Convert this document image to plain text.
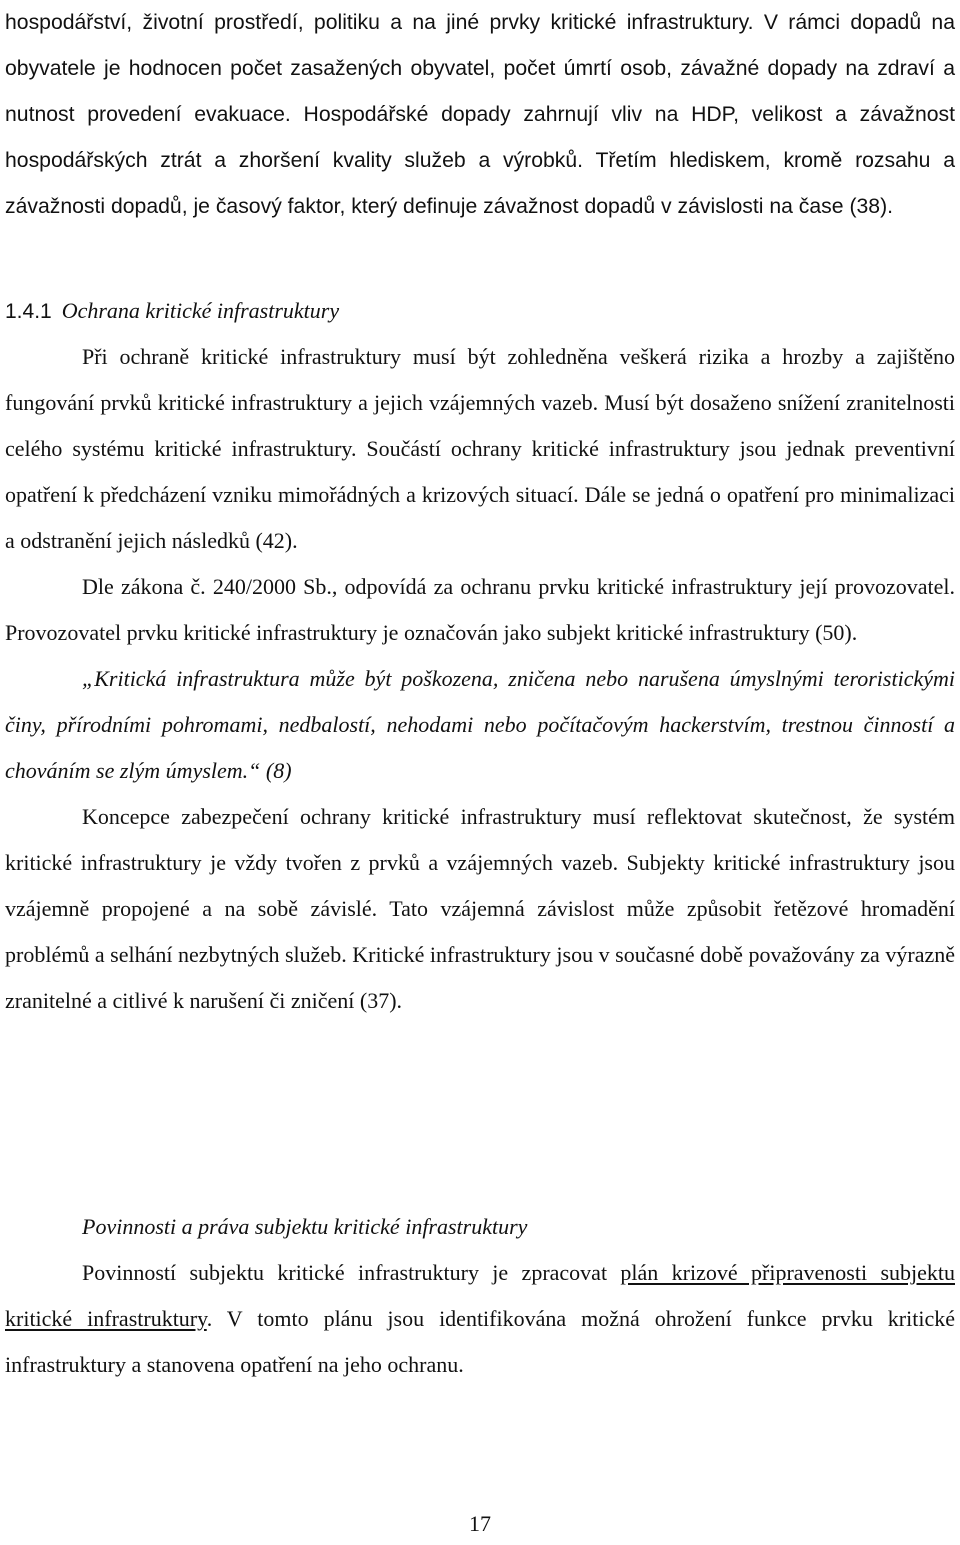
hospodářství, životní prostředí, politiku a na jiné prvky kritické infrastruktury. V rámci dopadů na obyvatele je hodnocen počet zasažených obyvatel, počet úmrtí osob, závažné dopady na zdraví a nutnost provedení evakuace. Hospodářské dopady zahrnují vliv na HDP, velikost a závažnost hospodářských ztrát a zhoršení kvality služeb a výrobků. Třetím hlediskem, kromě rozsahu a závažnosti dopadů, je časový faktor, který definuje závažnost dopadů v závislosti na čase (38).

1.4.1 Ochrana kritické infrastruktury

Při ochraně kritické infrastruktury musí být zohledněna veškerá rizika a hrozby a zajištěno fungování prvků kritické infrastruktury a jejich vzájemných vazeb. Musí být dosaženo snížení zranitelnosti celého systému kritické infrastruktury. Součástí ochrany kritické infrastruktury jsou jednak preventivní opatření k předcházení vzniku mimořádných a krizových situací. Dále se jedná o opatření pro minimalizaci a odstranění jejich následků (42).

Dle zákona č. 240/2000 Sb., odpovídá za ochranu prvku kritické infrastruktury její provozovatel. Provozovatel prvku kritické infrastruktury je označován jako subjekt kritické infrastruktury (50).

„Kritická infrastruktura může být poškozena, zničena nebo narušena úmyslnými teroristickými činy, přírodními pohromami, nedbalostí, nehodami nebo počítačovým hackerstvím, trestnou činností a chováním se zlým úmyslem.“ (8)

Koncepce zabezpečení ochrany kritické infrastruktury musí reflektovat skutečnost, že systém kritické infrastruktury je vždy tvořen z prvků a vzájemných vazeb. Subjekty kritické infrastruktury jsou vzájemně propojené a na sobě závislé. Tato vzájemná závislost může způsobit řetězové hromadění problémů a selhání nezbytných služeb. Kritické infrastruktury jsou v současné době považovány za výrazně zranitelné a citlivé k narušení či zničení (37).

Povinnosti a práva subjektu kritické infrastruktury

Povinností subjektu kritické infrastruktury je zpracovat plán krizové připravenosti subjektu kritické infrastruktury. V tomto plánu jsou identifikována možná ohrožení funkce prvku kritické infrastruktury a stanovena opatření na jeho ochranu.

17
